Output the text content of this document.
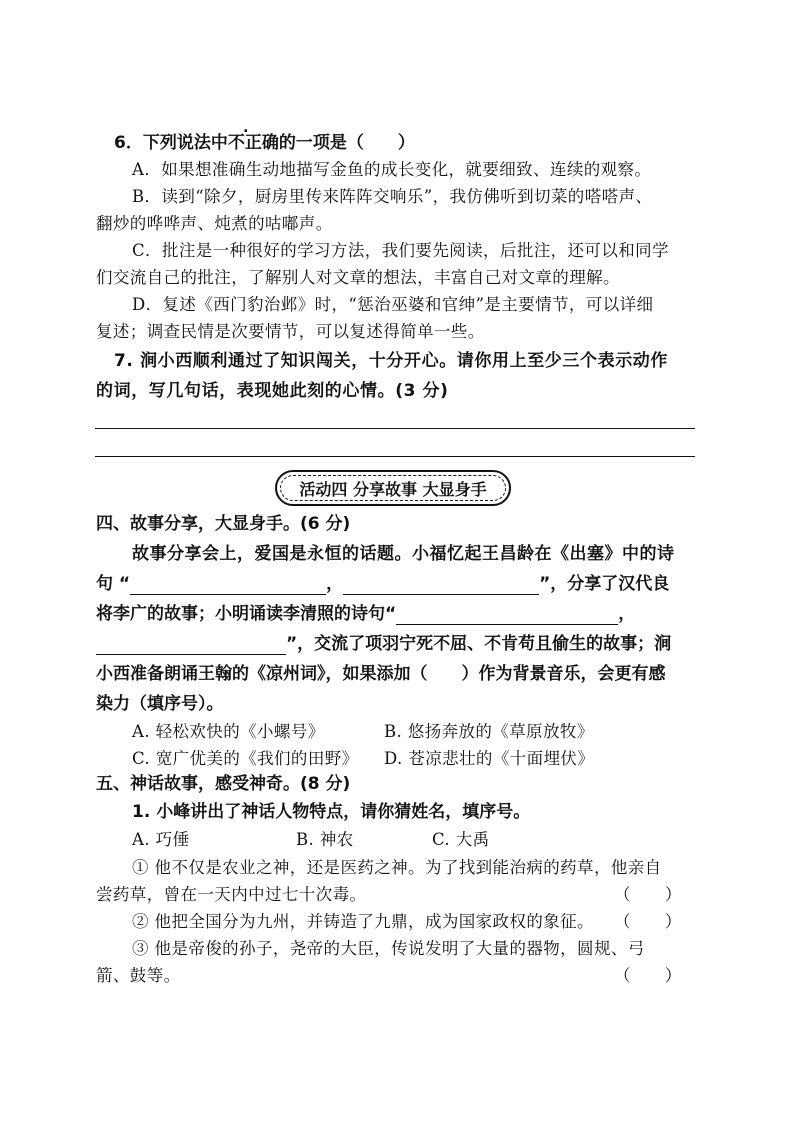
6．下列说法中不正确的一项是（ ）
A．如果想准确生动地描写金鱼的成长变化，就要细致、连续的观察。
B．读到“除夕，厨房里传来阵阵交响乐”，我仿佛听到切菜的嗒嗒声、
翻炒的哗哗声、炖煮的咕嘟声。
C．批注是一种很好的学习方法，我们要先阅读，后批注，还可以和同学
们交流自己的批注，了解别人对文章的想法，丰富自己对文章的理解。
D．复述《西门豹治邺》时，“惩治巫婆和官绅”是主要情节，可以详细
复述；调查民情是次要情节，可以复述得简单一些。
7. 涧小西顺利通过了知识闯关，十分开心。请你用上至少三个表示动作
的词，写几句话，表现她此刻的心情。(3 分)
活动四 分享故事 大显身手
四、故事分享，大显身手。(6 分)
故事分享会上，爱国是永恒的话题。小福忆起王昌龄在《出塞》中的诗
句 “	，	”，分享了汉代良
将李广的故事；小明诵读李清照的诗句“	，
”，交流了项羽宁死不屈、不肯苟且偷生的故事；涧
小西准备朗诵王翰的《凉州词》，如果添加（　　）作为背景音乐，会更有感
染力（填序号）。
A. 轻松欢快的《小螺号》	B. 悠扬奔放的《草原放牧》
C. 宽广优美的《我们的田野》 D. 苍凉悲壮的《十面埋伏》
五、神话故事，感受神奇。(8 分)
1. 小峰讲出了神话人物特点，请你猜姓名，填序号。
A. 巧倕	B. 神农	C. 大禹
① 他不仅是农业之神，还是医药之神。为了找到能治病的药草，他亲自
尝药草，曾在一天内中过七十次毒。	（ ）
② 他把全国分为九州，并铸造了九鼎，成为国家政权的象征。 （ ）
③ 他是帝俊的孙子，尧帝的大臣，传说发明了大量的器物，圆规、弓
箭、鼓等。	（ ）
